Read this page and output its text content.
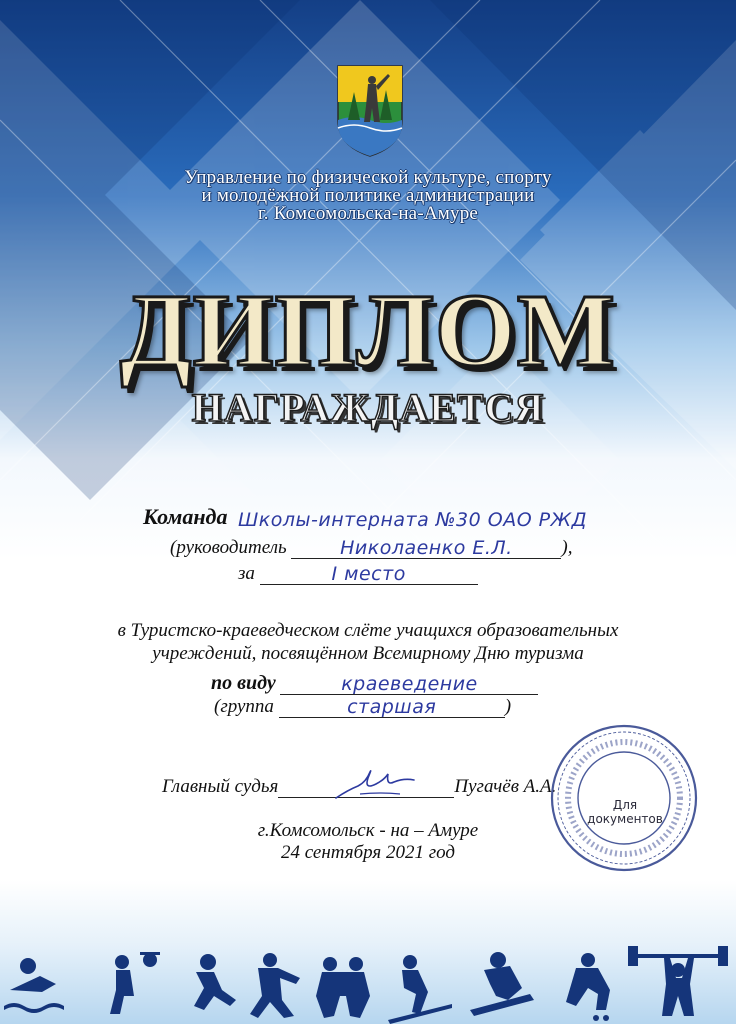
Управление по физической культуре, спорту
и молодёжной политике администрации
г. Комсомольска-на-Амуре
ДИПЛОМ
НАГРАЖДАЕТСЯ
Команда Школы-интерната №30 ОАО РЖД
(руководитель	Николаенко Е.Л.	),
за	I место
в Туристско-краеведческом слёте учащихся образовательных
учреждений, посвящённом Всемирному Дню туризма
по виду	краеведение
(группа	старшая	)
Главный судья	Пугачёв А.А.
г.Комсомольск - на – Амуре
24 сентября 2021 год
Для
документов
